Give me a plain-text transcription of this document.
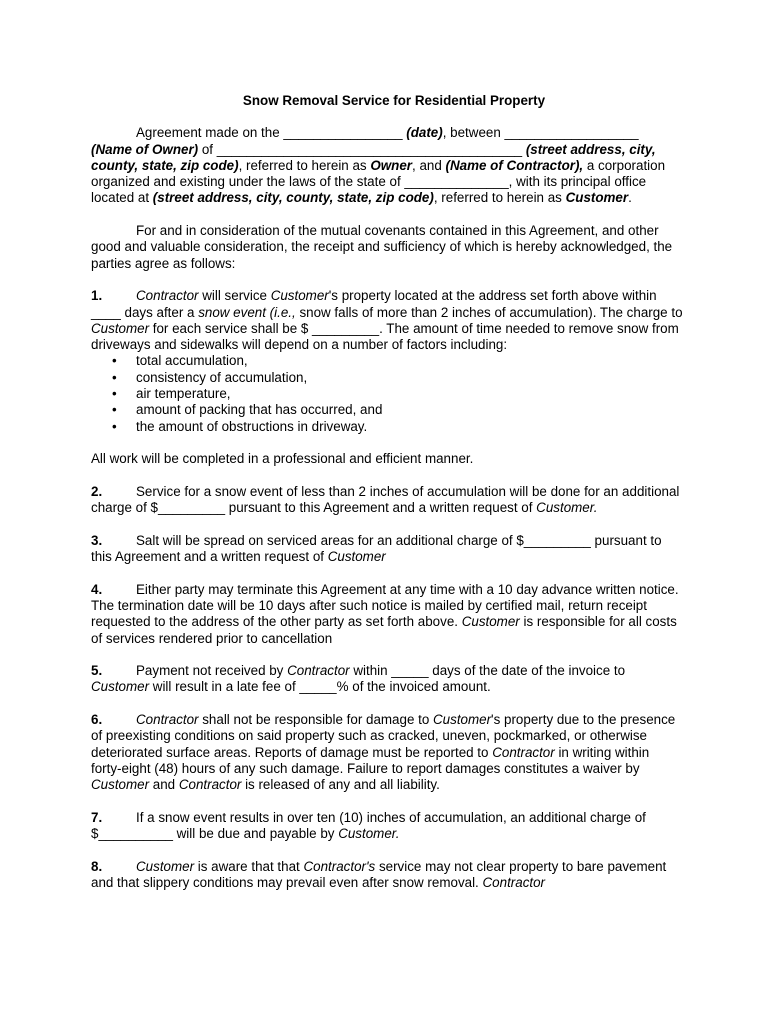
Snow Removal Service for Residential Property

Agreement made on the ________________ (date), between __________________ (Name of Owner) of _________________________________________ (street address, city, county, state, zip code), referred to herein as Owner, and (Name of Contractor), a corporation organized and existing under the laws of the state of ______________, with its principal office located at (street address, city, county, state, zip code), referred to herein as Customer.

For and in consideration of the mutual covenants contained in this Agreement, and other good and valuable consideration, the receipt and sufficiency of which is hereby acknowledged, the parties agree as follows:

1.	Contractor will service Customer's property located at the address set forth above within ____ days after a snow event (i.e., snow falls of more than 2 inches of accumulation). The charge to Customer for each service shall be $ _________. The amount of time needed to remove snow from driveways and sidewalks will depend on a number of factors including:
• total accumulation,
• consistency of accumulation,
• air temperature,
• amount of packing that has occurred, and
• the amount of obstructions in driveway.

All work will be completed in a professional and efficient manner.

2.	Service for a snow event of less than 2 inches of accumulation will be done for an additional charge of $_________ pursuant to this Agreement and a written request of Customer.

3.	Salt will be spread on serviced areas for an additional charge of $_________ pursuant to this Agreement and a written request of Customer

4.	Either party may terminate this Agreement at any time with a 10 day advance written notice. The termination date will be 10 days after such notice is mailed by certified mail, return receipt requested to the address of the other party as set forth above. Customer is responsible for all costs of services rendered prior to cancellation

5.	Payment not received by Contractor within _____ days of the date of the invoice to Customer will result in a late fee of _____% of the invoiced amount.

6.	Contractor shall not be responsible for damage to Customer's property due to the presence of preexisting conditions on said property such as cracked, uneven, pockmarked, or otherwise deteriorated surface areas. Reports of damage must be reported to Contractor in writing within forty-eight (48) hours of any such damage. Failure to report damages constitutes a waiver by Customer and Contractor is released of any and all liability.

7.	If a snow event results in over ten (10) inches of accumulation, an additional charge of $__________ will be due and payable by Customer.

8.	Customer is aware that that Contractor's service may not clear property to bare pavement and that slippery conditions may prevail even after snow removal. Contractor
